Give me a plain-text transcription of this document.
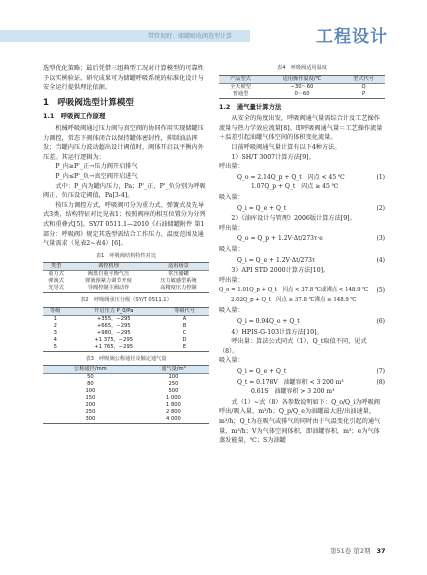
带管视野：储罐吸收阀选型计算	工程设计

选型优化策略；最后凭借三组典型工况对计算模型的可靠性予以实例验证。研究成果可为储罐呼吸系统的标准化设计与安全运行提供理论依据。

1　呼吸阀选型计算模型
1.1　呼吸阀工作原理

机械呼吸阀通过压力阀与真空阀的协同作用实现储罐压力调控，常态下阀体闭合以保持罐体密封性，抑制油品挥发；当罐内压力波动超出设计阈值时，阀体开启以平衡内外压差。其运行逻辑为：

P_内≥P'_正→压力阀开启排气

P_内≤P'_负→真空阀开启进气

式中：P_内为罐内压力，Pa；P'_正、P'_负分别为呼吸阀正、负压设定阈值，Pa[3-4]。

按压力调控方式，呼吸阀可分为重力式、弹簧式及先导式3类，结构特征对比见表1；按照阀座的相互位置分为分列式和重叠式[5]。SY/T 0511.1—2010《石油储罐附件 第1部分：呼吸阀》规定其选型需结合工作压力、温度范围及通气量需求（见表2~表4）[6]。

表1　呼吸阀结构特性对比
类型	调控机理	适用场景
重力式	阀盘自重平衡气压	常压储罐
弹簧式	弹簧预紧力调节开度	压力敏感型系统
先导式	导阀控制主阀动作	高精度压力控制
表2　呼吸阀承压分级（SY/T 0511.1）
等级	开启压力 P_0/Pa	等级代号
1	+355，−295	A
2	+665，−295	B
3	+980，−295	C
4	+1 375，−295	D
5	+1 765，−295	E
表3　呼吸阀公称通径及额定通气量
公称通径/mm	通气量/m³
50	100
80	250
100	500
150	1 000
200	1 800
250	2 800
300	4 000
表4　呼吸阀适用温度
产品型式	适用操作温度/℃	型式代号
全天候型	−30～60	Q
普通型	0～60	P
1.2　通气量计算方法

从安全的角度出发，呼吸阀通气量需综合计及工艺操作流量与热力学效应流量[8]。即呼吸阀通气量＝工艺操作流量＋温差引起油罐气体空间的体积变化流量。

目前呼吸阀通气量计算有以下4种方法。

1）SH/T 3007计算方法[9]。

呼出量：

Q_o = 2.14Q_p + Q_t　闪点 < 45 ℃
1.07Q_p + Q_t　闪点 ≥ 45 ℃
(1)

吸入量：

Q_i = Q_e + Q_t	(2)

2）《油库设计与管理》2006版计算方法[9]。

呼出量：

Q_o = Q_p + 1.2V·Δt/273τ·e	(3)

吸入量：

Q_i = Q_e + 1.2V·Δt/273τ	(4)

3）API STD 2000计算方法[10]。

呼出量：

Q_o = 1.01Q_p + Q_t　闪点 < 37.8 ℃或沸点 < 148.9 ℃
2.02Q_p + Q_t　闪点 ≥ 37.8 ℃沸点 ≥ 148.9 ℃
(5)

吸入量：

Q_i = 0.94Q_e + Q_t	(6)

4）HPIS-G-103计算方法[10]。

呼出量：算法公式同式（1），Q_t取值不同，见式（8）。

吸入量：

Q_i = Q_e + Q_t	(7)
Q_t = 0.178V　油罐容积 < 3 200 m³
0.61S　油罐容积 > 3 200 m³
(8)

式（1）~式（8）各参数说明如下：Q_o/Q_i为呼吸阀呼出/吸入量，m³/h；Q_p/Q_e为油罐最大进/出油速量，m³/h；Q_t为在吸气或排气的同时由于气温变化引起的通气量，m³/h；V为气体空间体积，即油罐容积，m³；e为气体蒸发能量，℃；S为油罐

第51卷 第2期 37
